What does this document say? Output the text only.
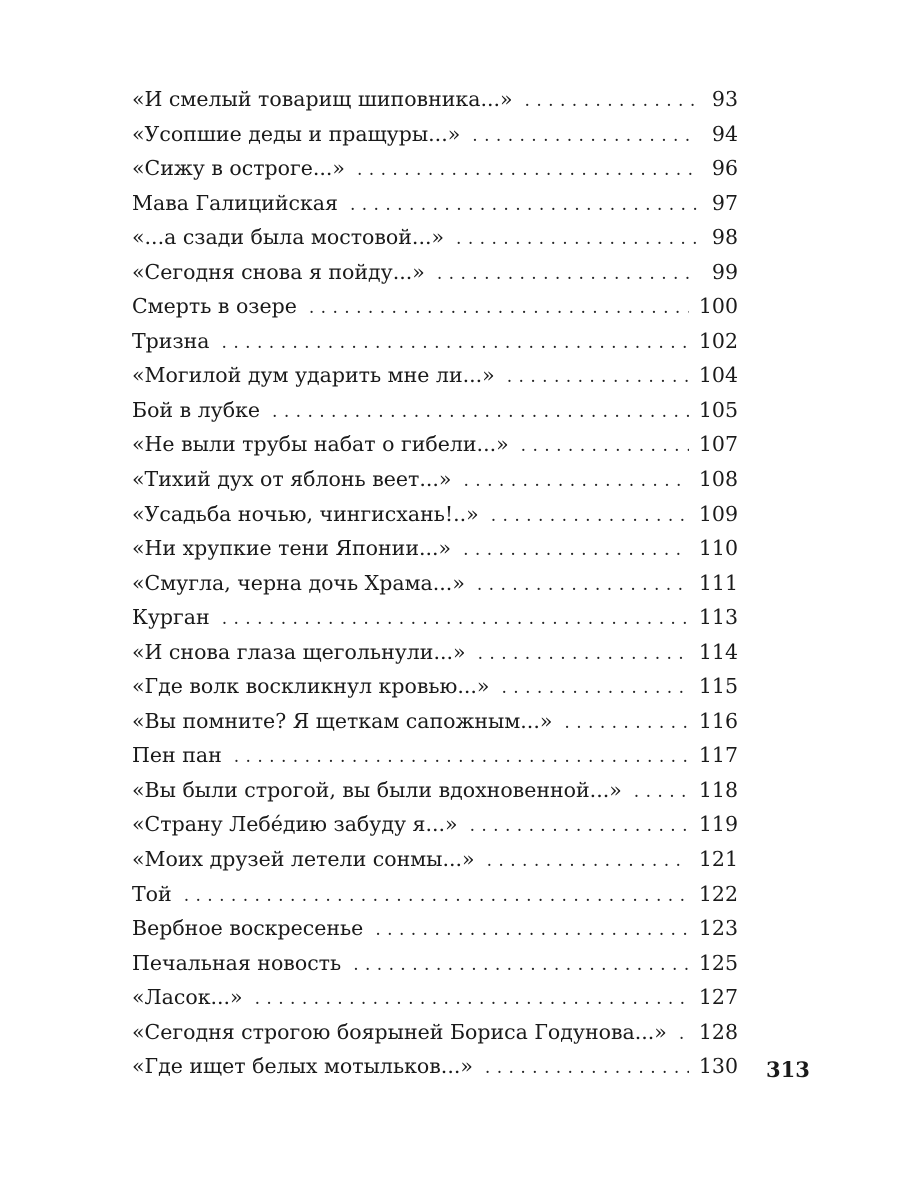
«И смелый товарищ шиповника...» . . .	93
«Усопшие деды и пращуры...» . . .	94
«Сижу в остроге...» . . .	96
Мава Галицийская . . .	97
«...а сзади была мостовой...» . . .	98
«Сегодня снова я пойду...» . . .	99
Смерть в озере . . .	100
Тризна . . .	102
«Могилой дум ударить мне ли...» . . .	104
Бой в лубке . . .	105
«Не выли трубы набат о гибели...» . . .	107
«Тихий дух от яблонь веет...» . . .	108
«Усадьба ночью, чингисхань!..» . . .	109
«Ни хрупкие тени Японии...» . . .	110
«Смугла, черна дочь Храма...» . . .	111
Курган . . .	113
«И снова глаза щегольнули...» . . .	114
«Где волк воскликнул кровью...» . . .	115
«Вы помните? Я щеткам сапожным...» . . .	116
Пен пан . . .	117
«Вы были строгой, вы были вдохновенной...» . . .	118
«Страну Лебе́дию забуду я...» . . .	119
«Моих друзей летели сонмы...» . . .	121
Той . . .	122
Вербное воскресенье . . .	123
Печальная новость . . .	125
«Ласок...» . . .	127
«Сегодня строгою боярыней Бориса Годунова...» . . . 128
«Где ищет белых мотыльков...» . . .	130 313
